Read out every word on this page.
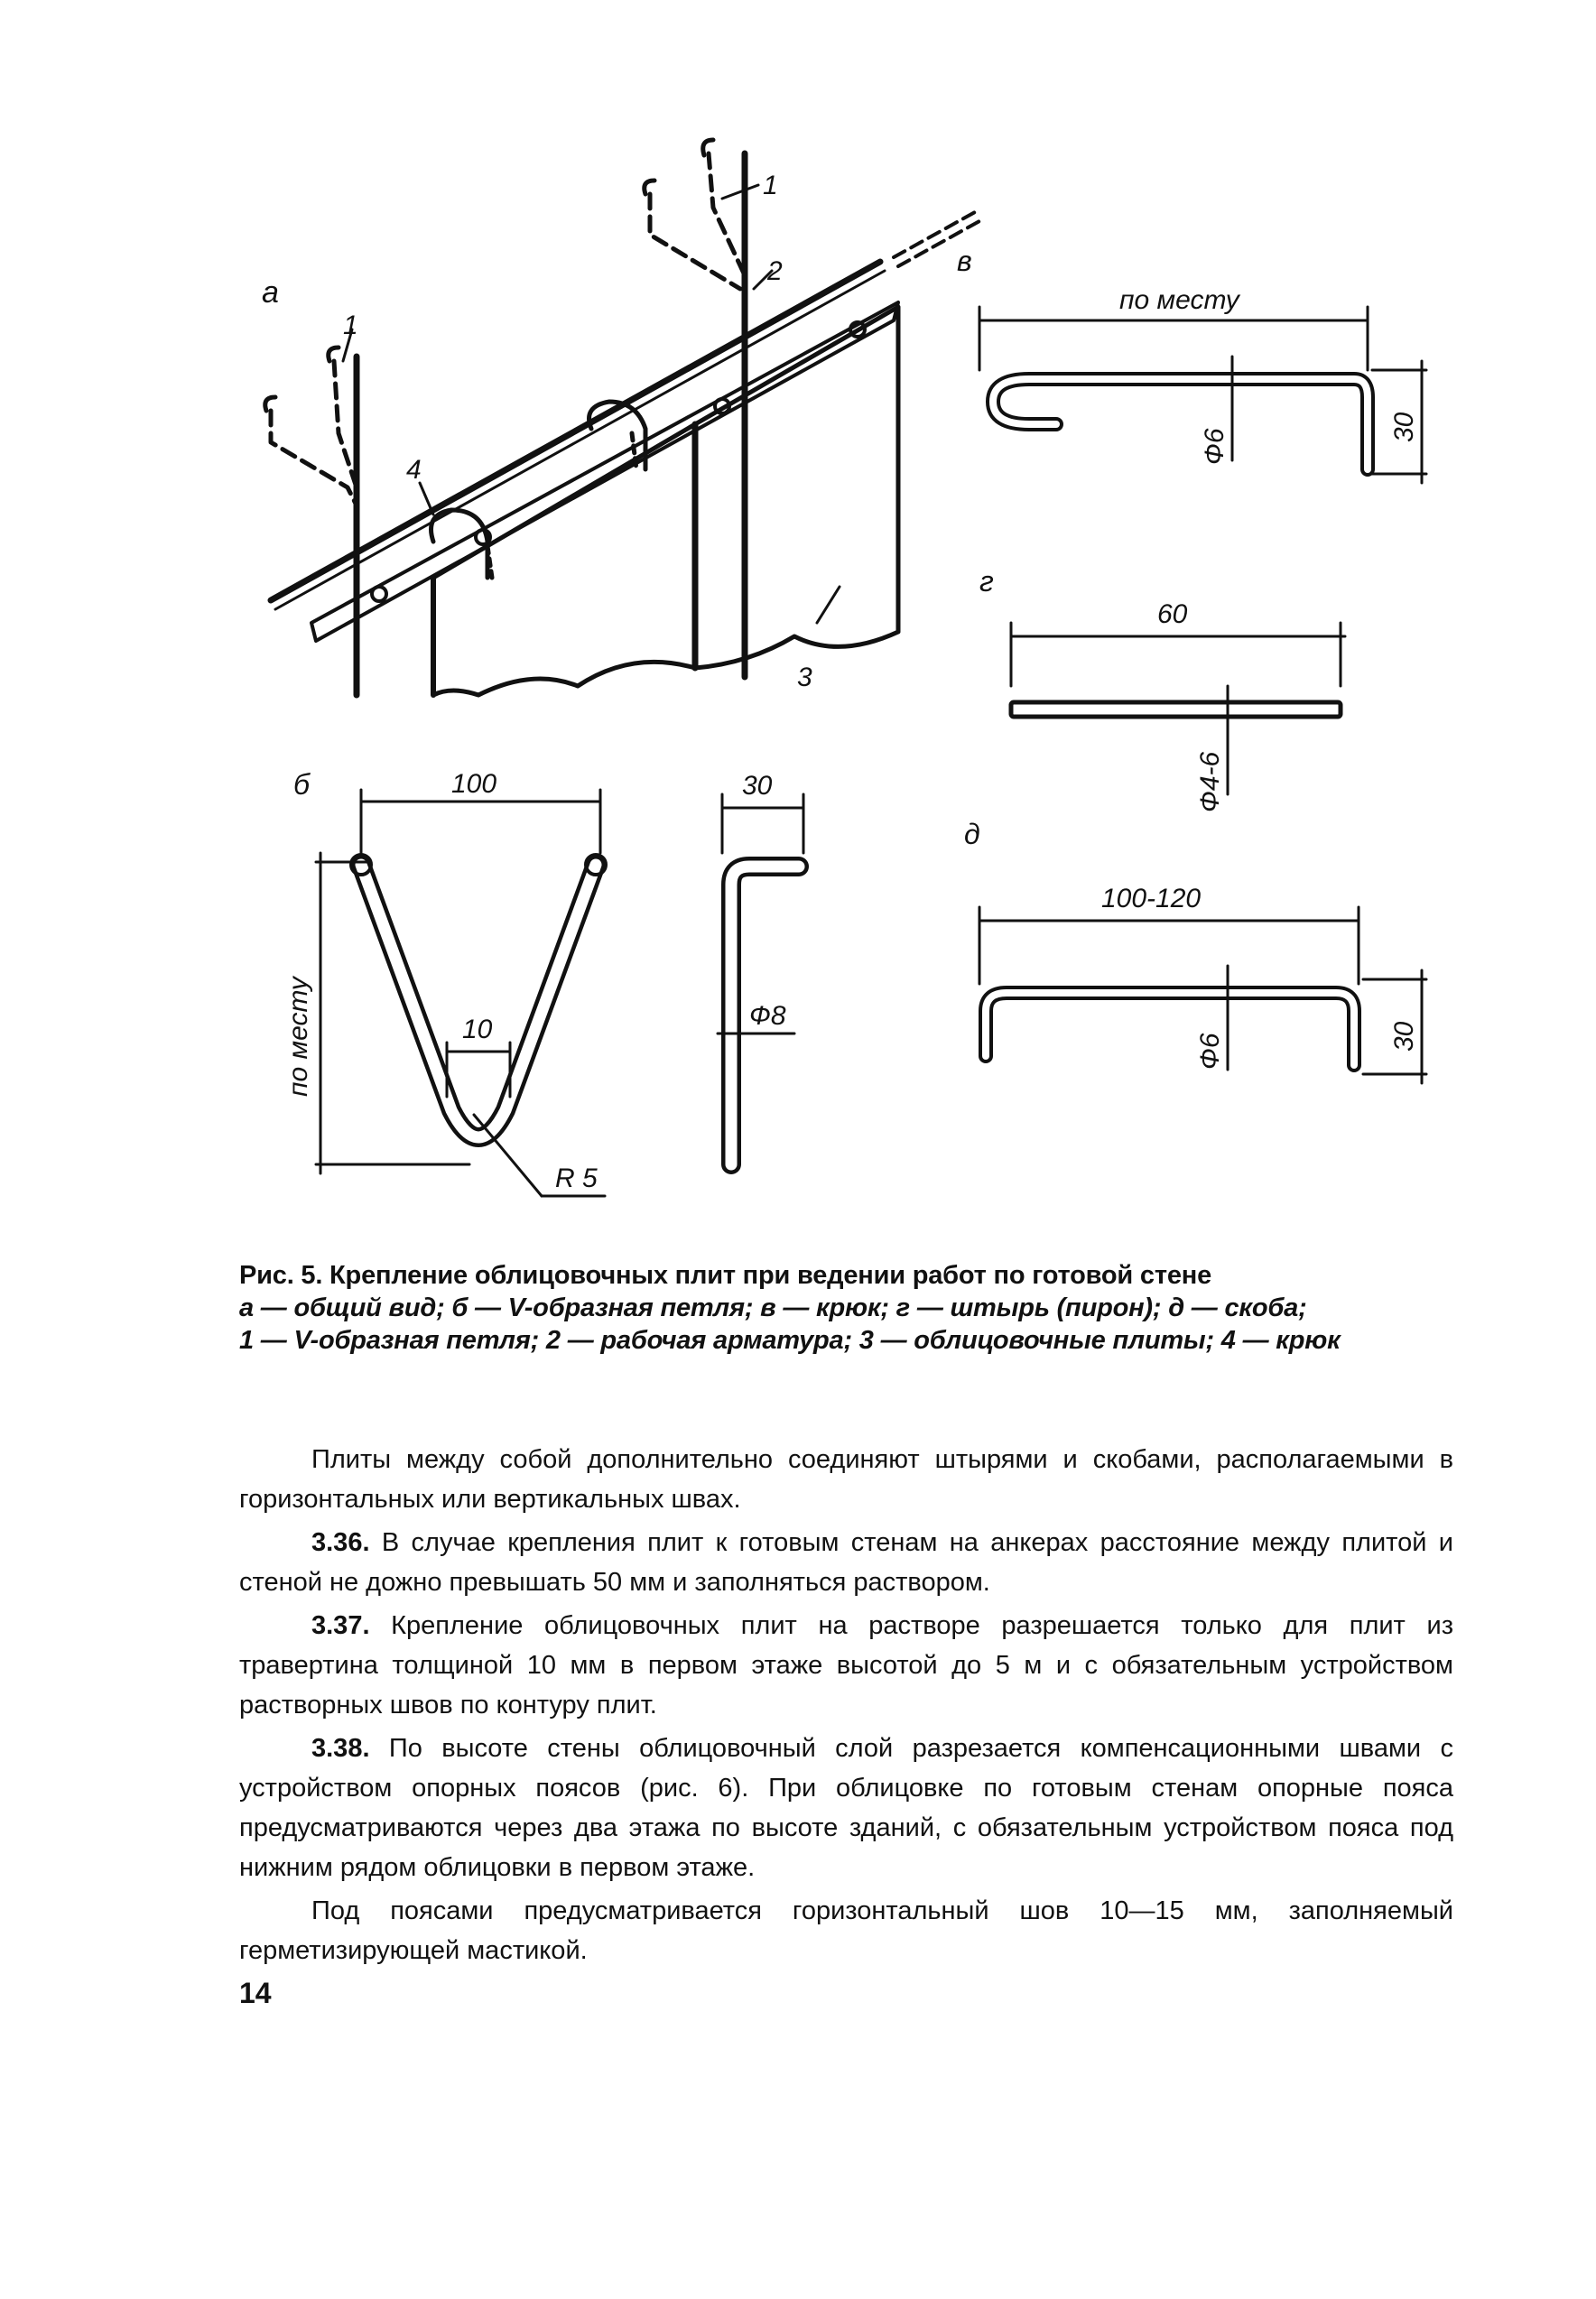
а
б
в
г
д
1
1
2
3
4
по месту
Ф6
30
60
Ф4-6
100-120
Ф6	30
100
по месту	10
R 5
30
Ф8
Рис. 5. Крепление облицовочных плит при ведении работ по готовой стене
а — общий вид; б — V-образная петля; в — крюк; г — штырь (пирон); д — скоба;
1 — V-образная петля; 2 — рабочая арматура; 3 — облицовочные плиты; 4 — крюк

Плиты между собой дополнительно соединяют штырями и скобами, располагаемыми в горизонтальных или вертикальных швах.

3.36. В случае крепления плит к готовым стенам на анкерах расстояние между плитой и стеной не дожно превышать 50 мм и заполняться раствором.

3.37. Крепление облицовочных плит на растворе разрешается только для плит из травертина толщиной 10 мм в первом этаже высотой до 5 м и с обязательным устройством растворных швов по контуру плит.

3.38. По высоте стены облицовочный слой разрезается компенсационными швами с устройством опорных поясов (рис. 6). При облицовке по готовым стенам опорные пояса предусматриваются через два этажа по высоте зданий, с обязательным устройством пояса под нижним рядом облицовки в первом этаже.

Под поясами предусматривается горизонтальный шов 10—15 мм, заполняемый герметизирующей мастикой.

14
